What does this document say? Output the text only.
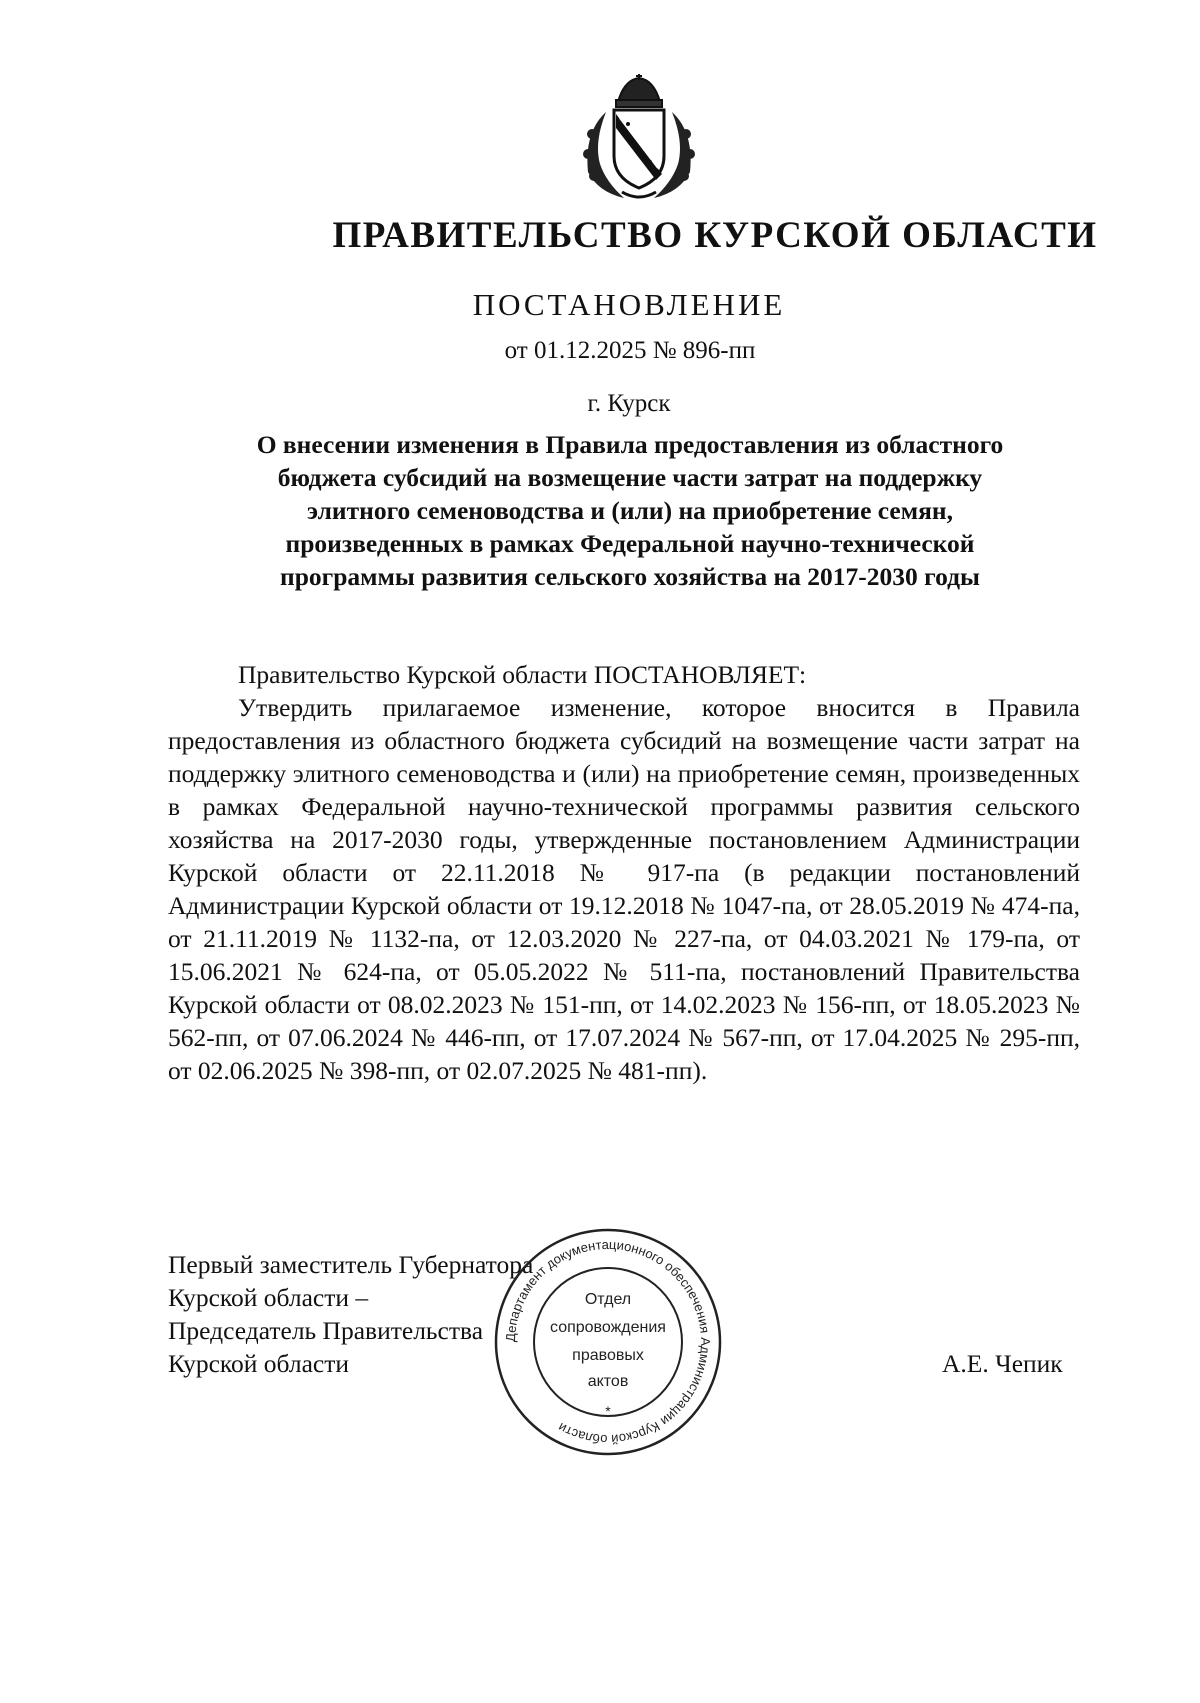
ПРАВИТЕЛЬСТВО КУРСКОЙ ОБЛАСТИ
ПОСТАНОВЛЕНИЕ
от 01.12.2025 № 896-пп
г. Курск
О внесении изменения в Правила предоставления из областного
бюджета субсидий на возмещение части затрат на поддержку
элитного семеноводства и (или) на приобретение семян,
произведенных в рамках Федеральной научно-технической
программы развития сельского хозяйства на 2017-2030 годы
Правительство Курской области ПОСТАНОВЛЯЕТ:
Утвердить прилагаемое изменение, которое вносится в Правила предоставления из областного бюджета субсидий на возмещение части затрат на поддержку элитного семеноводства и (или) на приобретение семян, произведенных в рамках Федеральной научно-технической программы развития сельского хозяйства на 2017-2030 годы, утвержденные постановлением Администрации Курской области от 22.11.2018 № 917-па (в редакции постановлений Администрации Курской области от 19.12.2018 № 1047-па, от 28.05.2019 № 474-па, от 21.11.2019 № 1132-па, от 12.03.2020 № 227-па, от 04.03.2021 № 179-па, от 15.06.2021 № 624-па, от 05.05.2022 № 511-па, постановлений Правительства Курской области от 08.02.2023 № 151-пп, от 14.02.2023 № 156-пп, от 18.05.2023 № 562-пп, от 07.06.2024 № 446-пп, от 17.07.2024 № 567-пп, от 17.04.2025 № 295-пп, от 02.06.2025 № 398-пп, от 02.07.2025 № 481-пп).
Первый заместитель Губернатора
Курской области –
Председатель Правительства
Курской области
Департамент документационного обеспечения Администрации Курской области
*
Отдел
сопровождения
правовых
актов
А.Е. Чепик
